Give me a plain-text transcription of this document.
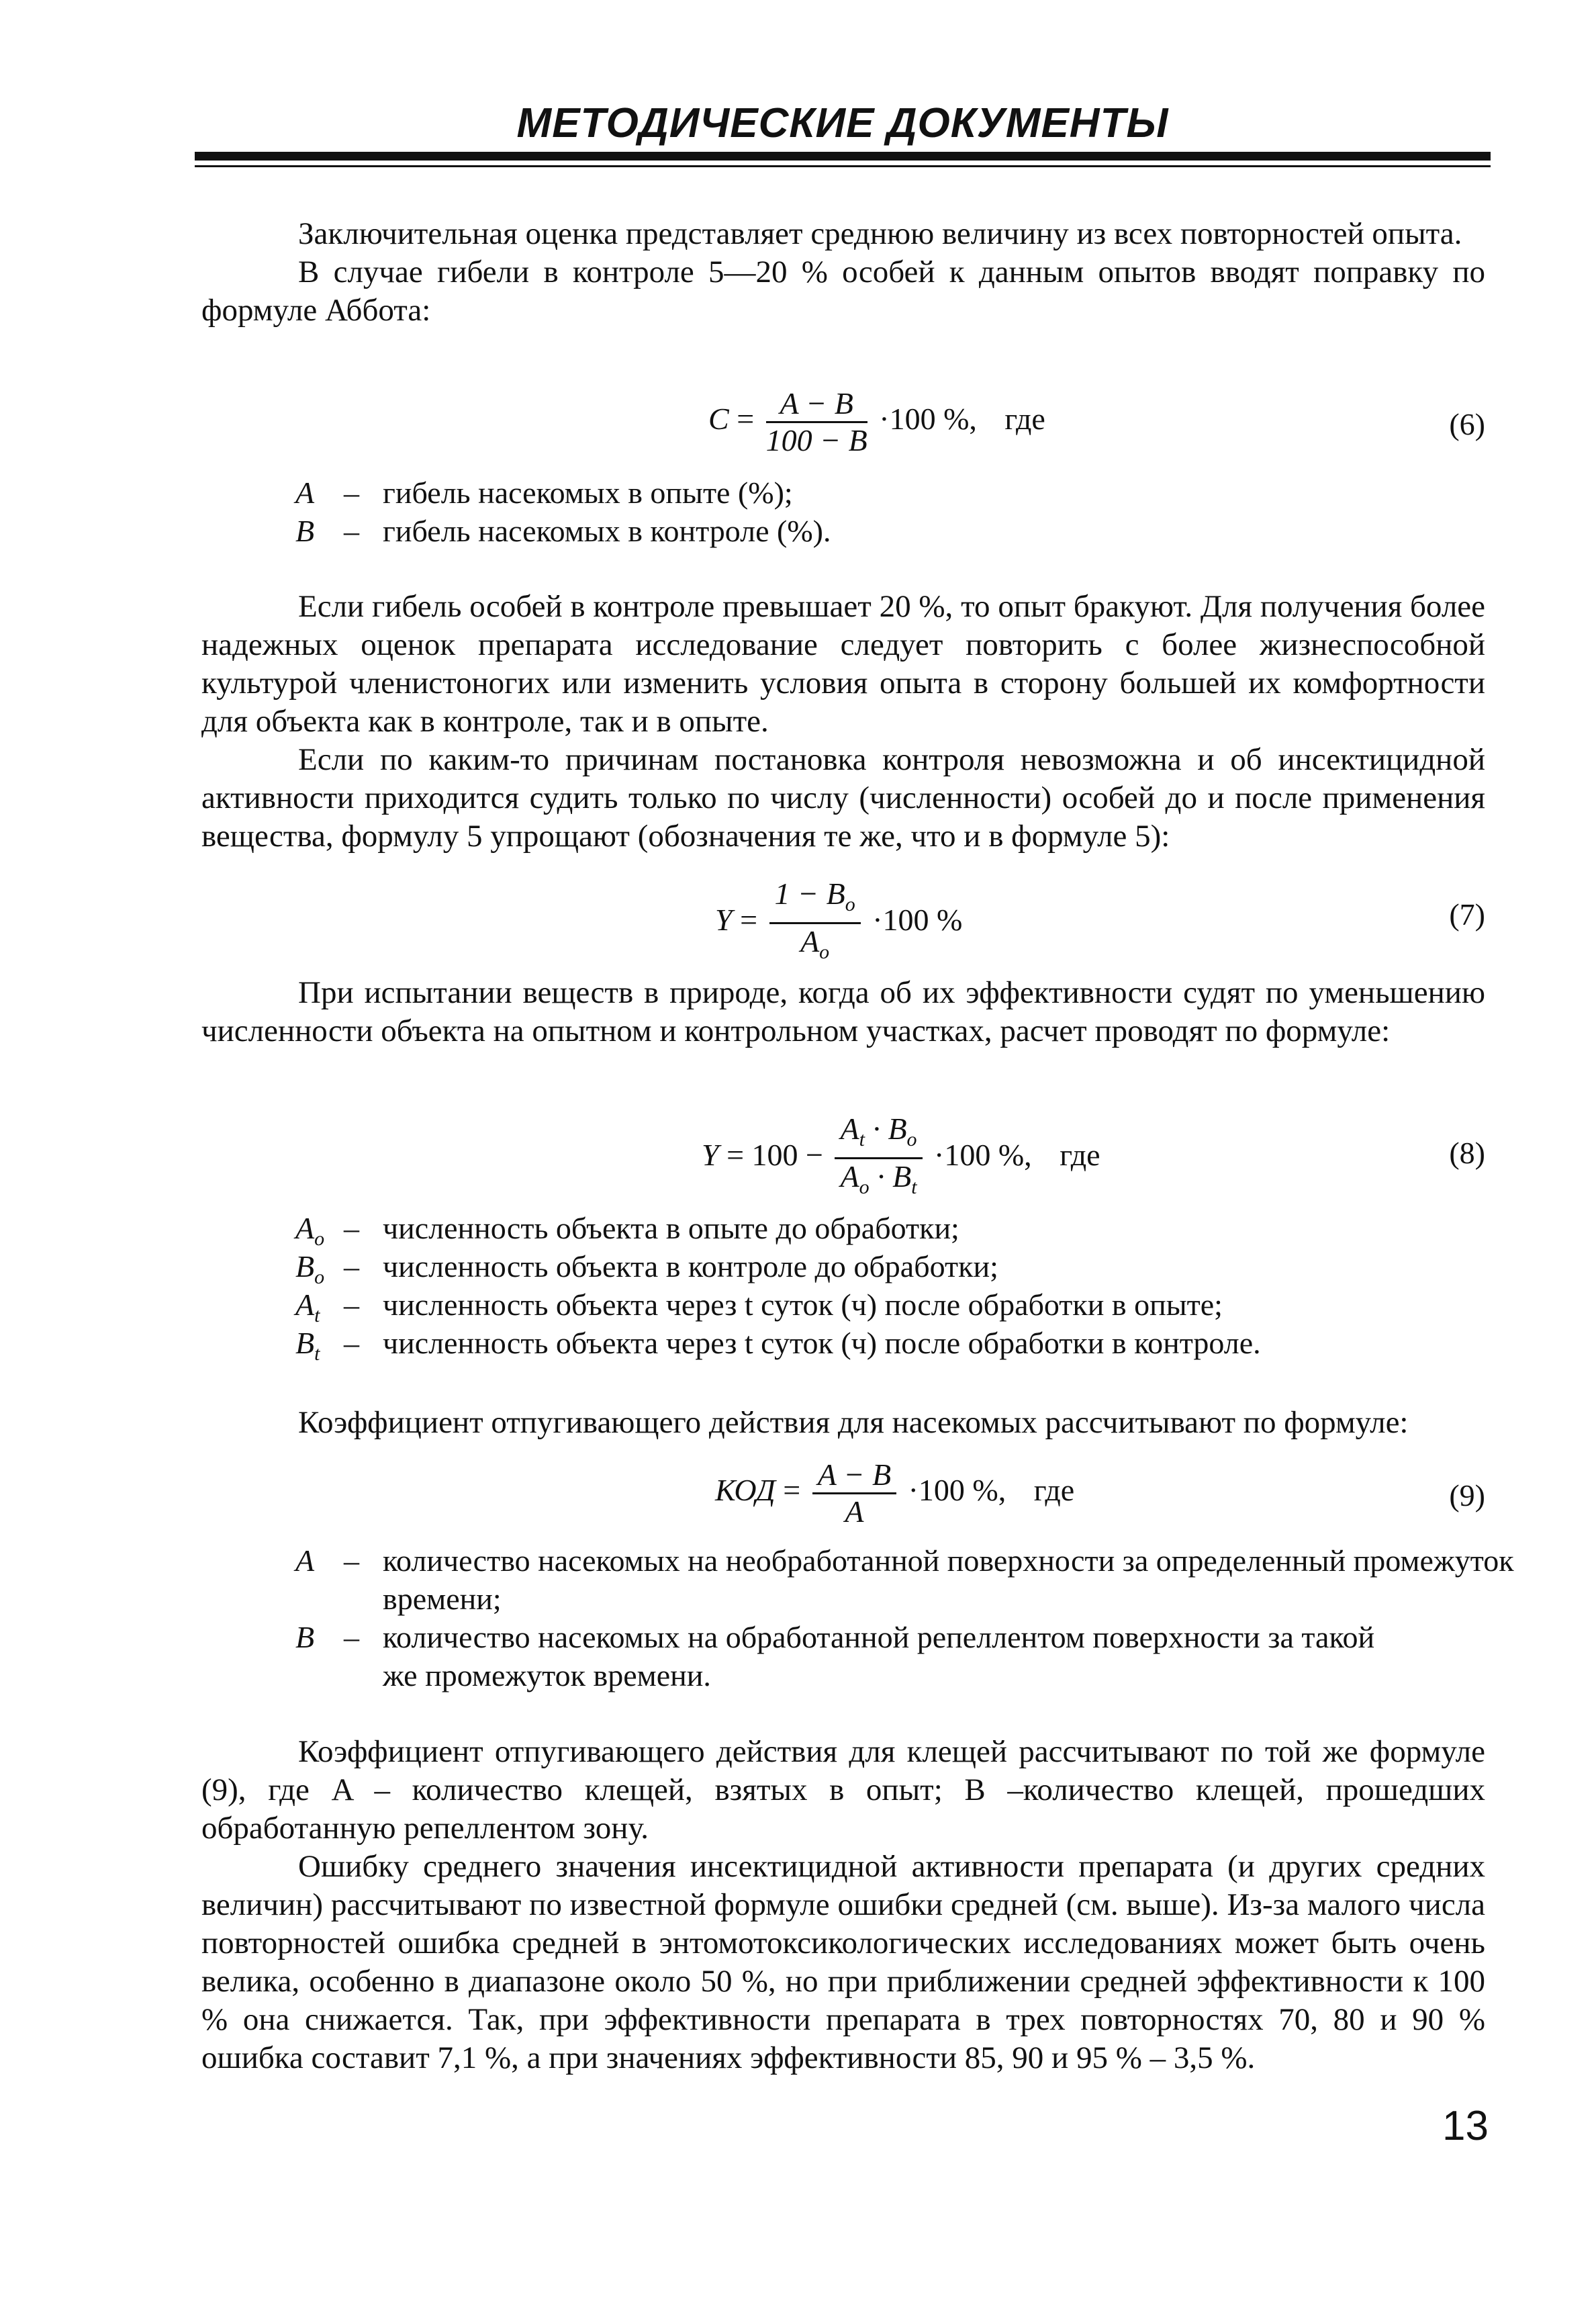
МЕТОДИЧЕСКИЕ ДОКУМЕНТЫ

Заключительная оценка представляет среднюю величину из всех повторностей опыта.

В случае гибели в контроле 5—20 % особей к данным опытов вводят поправку по формуле Аббота:

$C = \frac{A - B}{100 - B} \cdot 100$ %, где	(6)
A – гибель насекомых в опыте (%);
B – гибель насекомых в контроле (%).

Если гибель особей в контроле превышает 20 %, то опыт бракуют. Для получения более надежных оценок препарата исследование следует повторить с более жизнеспособной культурой членистоногих или изменить условия опыта в сторону большей их комфортности для объекта как в контроле, так и в опыте.

Если по каким-то причинам постановка контроля невозможна и об инсектицидной активности приходится судить только по числу (численности) особей до и после применения вещества, формулу 5 упрощают (обозначения те же, что и в формуле 5):

$Y = \frac{1 - B_o}{A_o} \cdot 100$ %	(7)

При испытании веществ в природе, когда об их эффективности судят по уменьшению численности объекта на опытном и контрольном участках, расчет проводят по формуле:

$Y = 100 - \frac{A_t \cdot B_o}{A_o \cdot B_t} \cdot 100$ %, где	(8)
$A_o$ – численность объекта в опыте до обработки;
$B_o$ – численность объекта в контроле до обработки;
$A_t$ – численность объекта через t суток (ч) после обработки в опыте;
$B_t$ – численность объекта через t суток (ч) после обработки в контроле.

Коэффициент отпугивающего действия для насекомых рассчитывают по формуле:

КОД = $\frac{A - B}{A} \cdot 100$ %, где	(9)
A – количество насекомых на необработанной поверхности за определенный промежуток времени;
B – количество насекомых на обработанной репеллентом поверхности за такой же промежуток времени.

Коэффициент отпугивающего действия для клещей рассчитывают по той же формуле (9), где A – количество клещей, взятых в опыт; B –количество клещей, прошедших обработанную репеллентом зону.

Ошибку среднего значения инсектицидной активности препарата (и других средних величин) рассчитывают по известной формуле ошибки средней (см. выше). Из-за малого числа повторностей ошибка средней в энтомотоксикологических исследованиях может быть очень велика, особенно в диапазоне около 50 %, но при приближении средней эффективности к 100 % она снижается. Так, при эффективности препарата в трех повторностях 70, 80 и 90 % ошибка составит 7,1 %, а при значениях эффективности 85, 90 и 95 % – 3,5 %.

13
